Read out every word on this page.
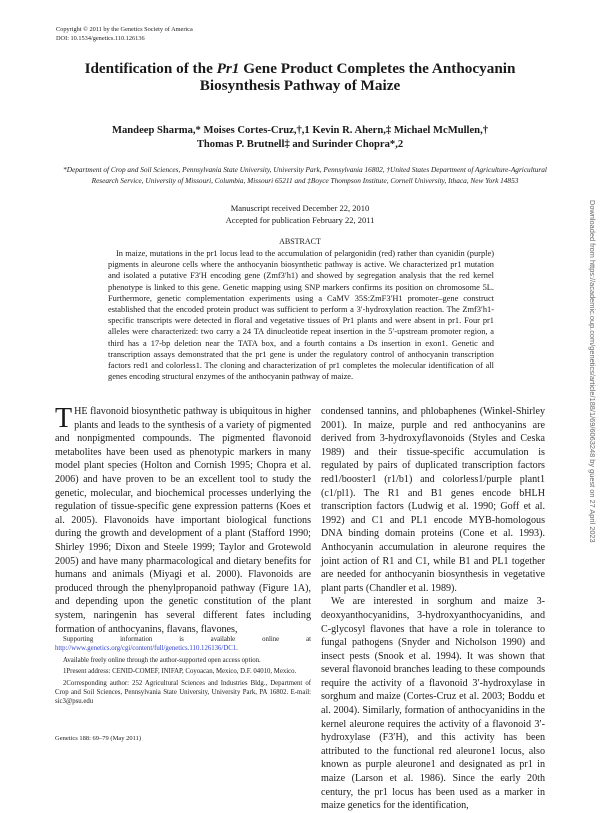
Copyright © 2011 by the Genetics Society of America
DOI: 10.1534/genetics.110.126136
Identification of the Pr1 Gene Product Completes the Anthocyanin Biosynthesis Pathway of Maize
Mandeep Sharma,* Moises Cortes-Cruz,†,1 Kevin R. Ahern,‡ Michael McMullen,†
Thomas P. Brutnell‡ and Surinder Chopra*,2
*Department of Crop and Soil Sciences, Pennsylvania State University, University Park, Pennsylvania 16802, †United States Department of Agriculture-Agricultural Research Service, University of Missouri, Columbia, Missouri 65211 and ‡Boyce Thompson Institute, Cornell University, Ithaca, New York 14853
Manuscript received December 22, 2010
Accepted for publication February 22, 2011
ABSTRACT
In maize, mutations in the pr1 locus lead to the accumulation of pelargonidin (red) rather than cyanidin (purple) pigments in aleurone cells where the anthocyanin biosynthetic pathway is active. We characterized pr1 mutation and isolated a putative F3′H encoding gene (Zmf3′h1) and showed by segregation analysis that the red kernel phenotype is linked to this gene. Genetic mapping using SNP markers confirms its position on chromosome 5L. Furthermore, genetic complementation experiments using a CaMV 35S:ZmF3′H1 promoter–gene construct established that the encoded protein product was sufficient to perform a 3′-hydroxylation reaction. The Zmf3′h1-specific transcripts were detected in floral and vegetative tissues of Pr1 plants and were absent in pr1. Four pr1 alleles were characterized: two carry a 24 TA dinucleotide repeat insertion in the 5′-upstream promoter region, a third has a 17-bp deletion near the TATA box, and a fourth contains a Ds insertion in exon1. Genetic and transcription assays demonstrated that the pr1 gene is under the regulatory control of anthocyanin transcription factors red1 and colorless1. The cloning and characterization of pr1 completes the molecular identification of all genes encoding structural enzymes of the anthocyanin pathway of maize.

THE flavonoid biosynthetic pathway is ubiquitous in higher plants and leads to the synthesis of a variety of pigmented and nonpigmented compounds. The pigmented flavonoid metabolites have been used as phenotypic markers in many model plant species (Holton and Cornish 1995; Chopra et al. 2006) and have proven to be an excellent tool to study the genetic, molecular, and biochemical processes underlying the regulation of tissue-specific gene expression patterns (Koes et al. 2005). Flavonoids have important biological functions during the growth and development of a plant (Stafford 1990; Shirley 1996; Dixon and Steele 1999; Taylor and Grotewold 2005) and have many pharmacological and dietary benefits for humans and animals (Miyagi et al. 2000). Flavonoids are produced through the phenylpropanoid pathway (Figure 1A), and depending upon the genetic constitution of the plant system, naringenin has several different fates including formation of anthocyanins, flavans, flavones,

condensed tannins, and phlobaphenes (Winkel-Shirley 2001). In maize, purple and red anthocyanins are derived from 3-hydroxyflavonoids (Styles and Ceska 1989) and their tissue-specific accumulation is regulated by pairs of duplicated transcription factors red1/booster1 (r1/b1) and colorless1/purple plant1 (c1/pl1). The R1 and B1 genes encode bHLH transcription factors (Ludwig et al. 1990; Goff et al. 1992) and C1 and PL1 encode MYB-homologous DNA binding domain proteins (Cone et al. 1993). Anthocyanin accumulation in aleurone requires the joint action of R1 and C1, while B1 and PL1 together are needed for anthocyanin biosynthesis in vegetative plant parts (Chandler et al. 1989).

We are interested in sorghum and maize 3-deoxyanthocyanidins, 3-hydroxyanthocyanidins, and C-glycosyl flavones that have a role in tolerance to fungal pathogens (Snyder and Nicholson 1990) and insect pests (Snook et al. 1994). It was shown that several flavonoid branches leading to these compounds require the activity of a flavonoid 3′-hydroxylase in sorghum and maize (Cortes-Cruz et al. 2003; Boddu et al. 2004). Similarly, formation of anthocyanidins in the kernel aleurone requires the activity of a flavonoid 3′-hydroxylase (F3′H), and this activity has been attributed to the functional red aleurone1 locus, also known as purple aleurone1 and designated as pr1 in maize (Larson et al. 1986). Since the early 20th century, the pr1 locus has been used as a marker in maize genetics for the identification,

Supporting information is available online at http://www.genetics.org/cgi/content/full/genetics.110.126136/DC1.

Available freely online through the author-supported open access option.

1Present address: CENID-COMEF, INIFAP, Coyoacan, Mexico, D.F. 04010, Mexico.

2Corresponding author: 252 Agricultural Sciences and Industries Bldg., Department of Crop and Soil Sciences, Pennsylvania State University, University Park, PA 16802. E-mail: sic3@psu.edu

Genetics 188: 69–79 (May 2011)
Downloaded from https://academic.oup.com/genetics/article/188/1/69/6063248 by guest on 27 April 2023
